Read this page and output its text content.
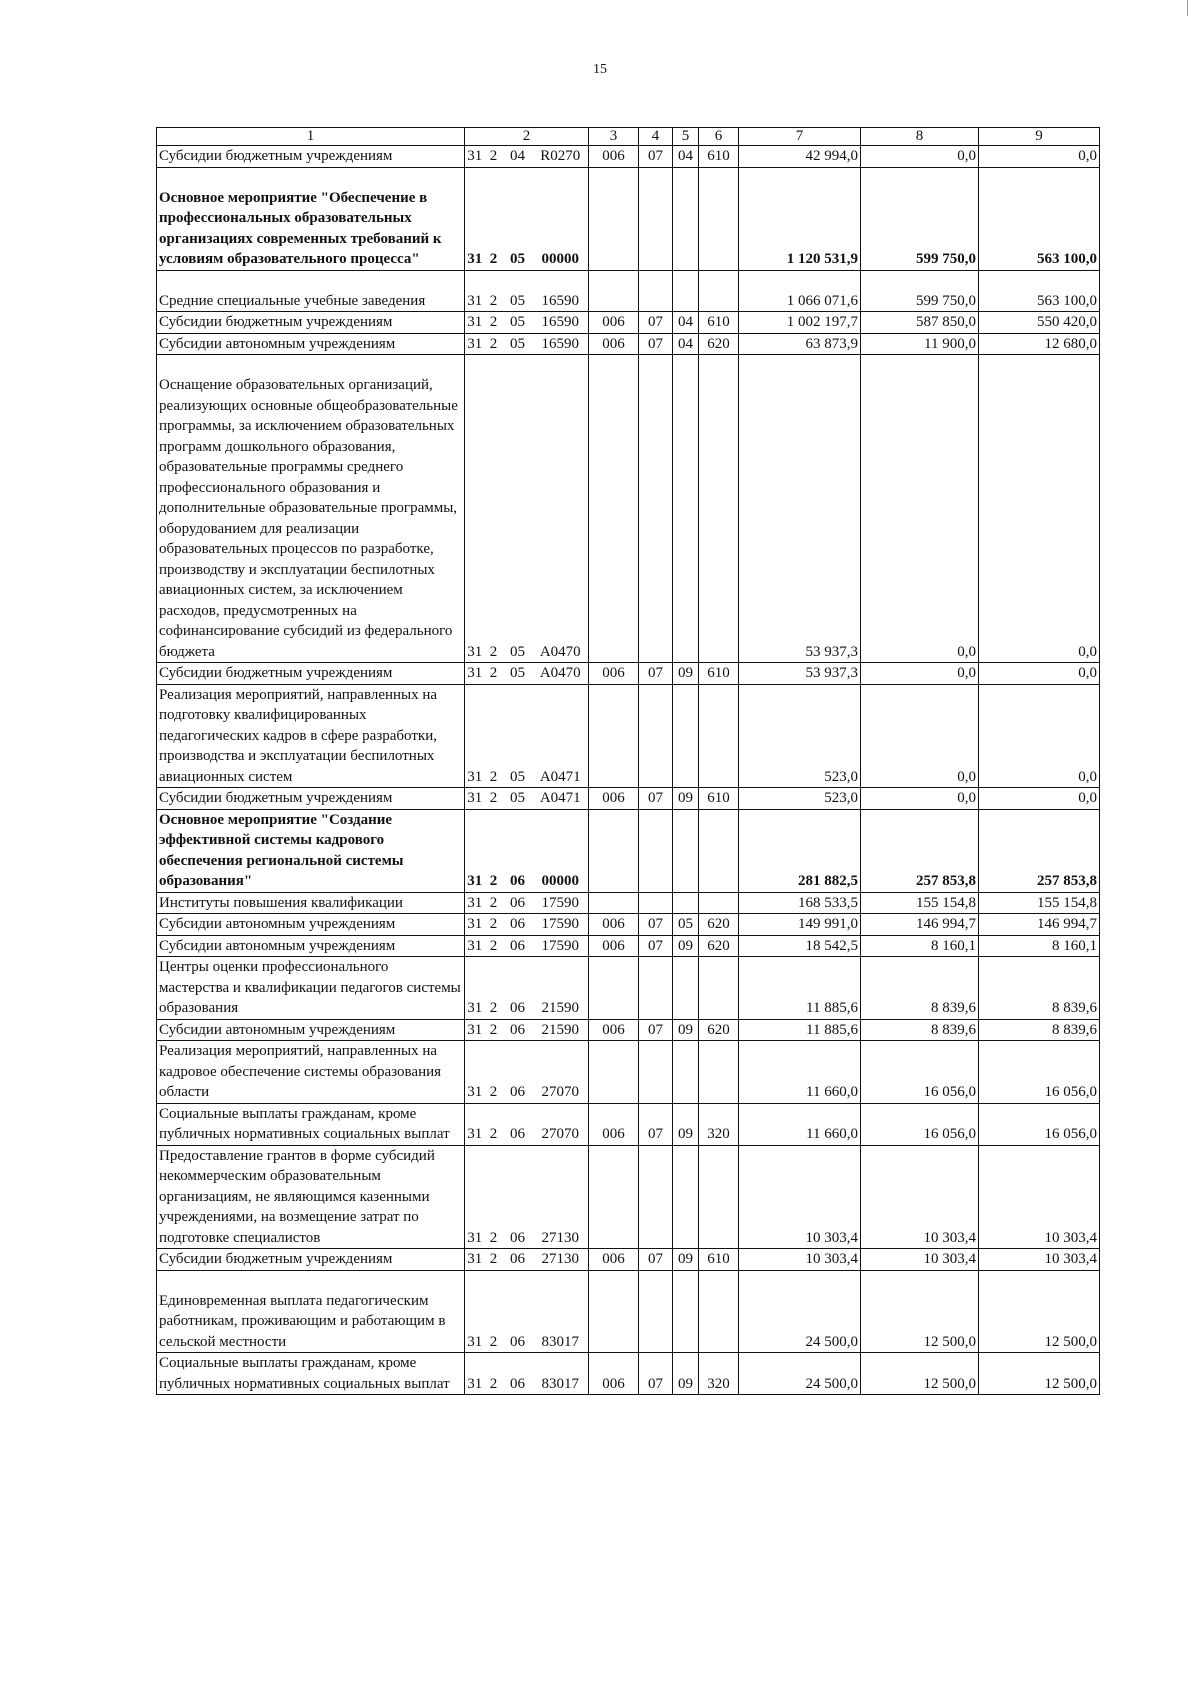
15
1	2				3	4	5	6	7	8	9
Субсидии бюджетным учреждениям	31	2	04	R0270	006	07	04	610	42 994,0	0,0	0,0
Основное мероприятие "Обеспечение в профессиональных образовательных организациях современных требований к условиям образовательного процесса"	31	2	05	00000					1 120 531,9	599 750,0	563 100,0
Средние специальные учебные заведения	31	2	05	16590					1 066 071,6	599 750,0	563 100,0
Субсидии бюджетным учреждениям	31	2	05	16590	006	07	04	610	1 002 197,7	587 850,0	550 420,0
Субсидии автономным учреждениям	31	2	05	16590	006	07	04	620	63 873,9	11 900,0	12 680,0
Оснащение образовательных организаций, реализующих основные общеобразовательные программы, за исключением образовательных программ дошкольного образования, образовательные программы среднего профессионального образования и дополнительные образовательные программы, оборудованием для реализации образовательных процессов по разработке, производству и эксплуатации беспилотных авиационных систем, за исключением расходов, предусмотренных на софинансирование субсидий из федерального бюджета	31	2	05	А0470					53 937,3	0,0	0,0
Субсидии бюджетным учреждениям	31	2	05	А0470	006	07	09	610	53 937,3	0,0	0,0
Реализация мероприятий, направленных на подготовку квалифицированных педагогических кадров в сфере разработки, производства и эксплуатации беспилотных авиационных систем	31	2	05	А0471					523,0	0,0	0,0
Субсидии бюджетным учреждениям	31	2	05	А0471	006	07	09	610	523,0	0,0	0,0
Основное мероприятие "Создание эффективной системы кадрового обеспечения региональной системы образования"	31	2	06	00000					281 882,5	257 853,8	257 853,8
Институты повышения квалификации	31	2	06	17590					168 533,5	155 154,8	155 154,8
Субсидии автономным учреждениям	31	2	06	17590	006	07	05	620	149 991,0	146 994,7	146 994,7
Субсидии автономным учреждениям	31	2	06	17590	006	07	09	620	18 542,5	8 160,1	8 160,1
Центры оценки профессионального мастерства и квалификации педагогов системы образования	31	2	06	21590					11 885,6	8 839,6	8 839,6
Субсидии автономным учреждениям	31	2	06	21590	006	07	09	620	11 885,6	8 839,6	8 839,6
Реализация мероприятий, направленных на кадровое обеспечение системы образования области	31	2	06	27070					11 660,0	16 056,0	16 056,0
Социальные выплаты гражданам, кроме публичных нормативных социальных выплат	31	2	06	27070	006	07	09	320	11 660,0	16 056,0	16 056,0
Предоставление грантов в форме субсидий некоммерческим образовательным организациям, не являющимся казенными учреждениями, на возмещение затрат по подготовке специалистов	31	2	06	27130					10 303,4	10 303,4	10 303,4
Субсидии бюджетным учреждениям	31	2	06	27130	006	07	09	610	10 303,4	10 303,4	10 303,4
Единовременная выплата педагогическим работникам, проживающим и работающим в сельской местности	31	2	06	83017					24 500,0	12 500,0	12 500,0
Социальные выплаты гражданам, кроме публичных нормативных социальных выплат	31	2	06	83017	006	07	09	320	24 500,0	12 500,0	12 500,0
